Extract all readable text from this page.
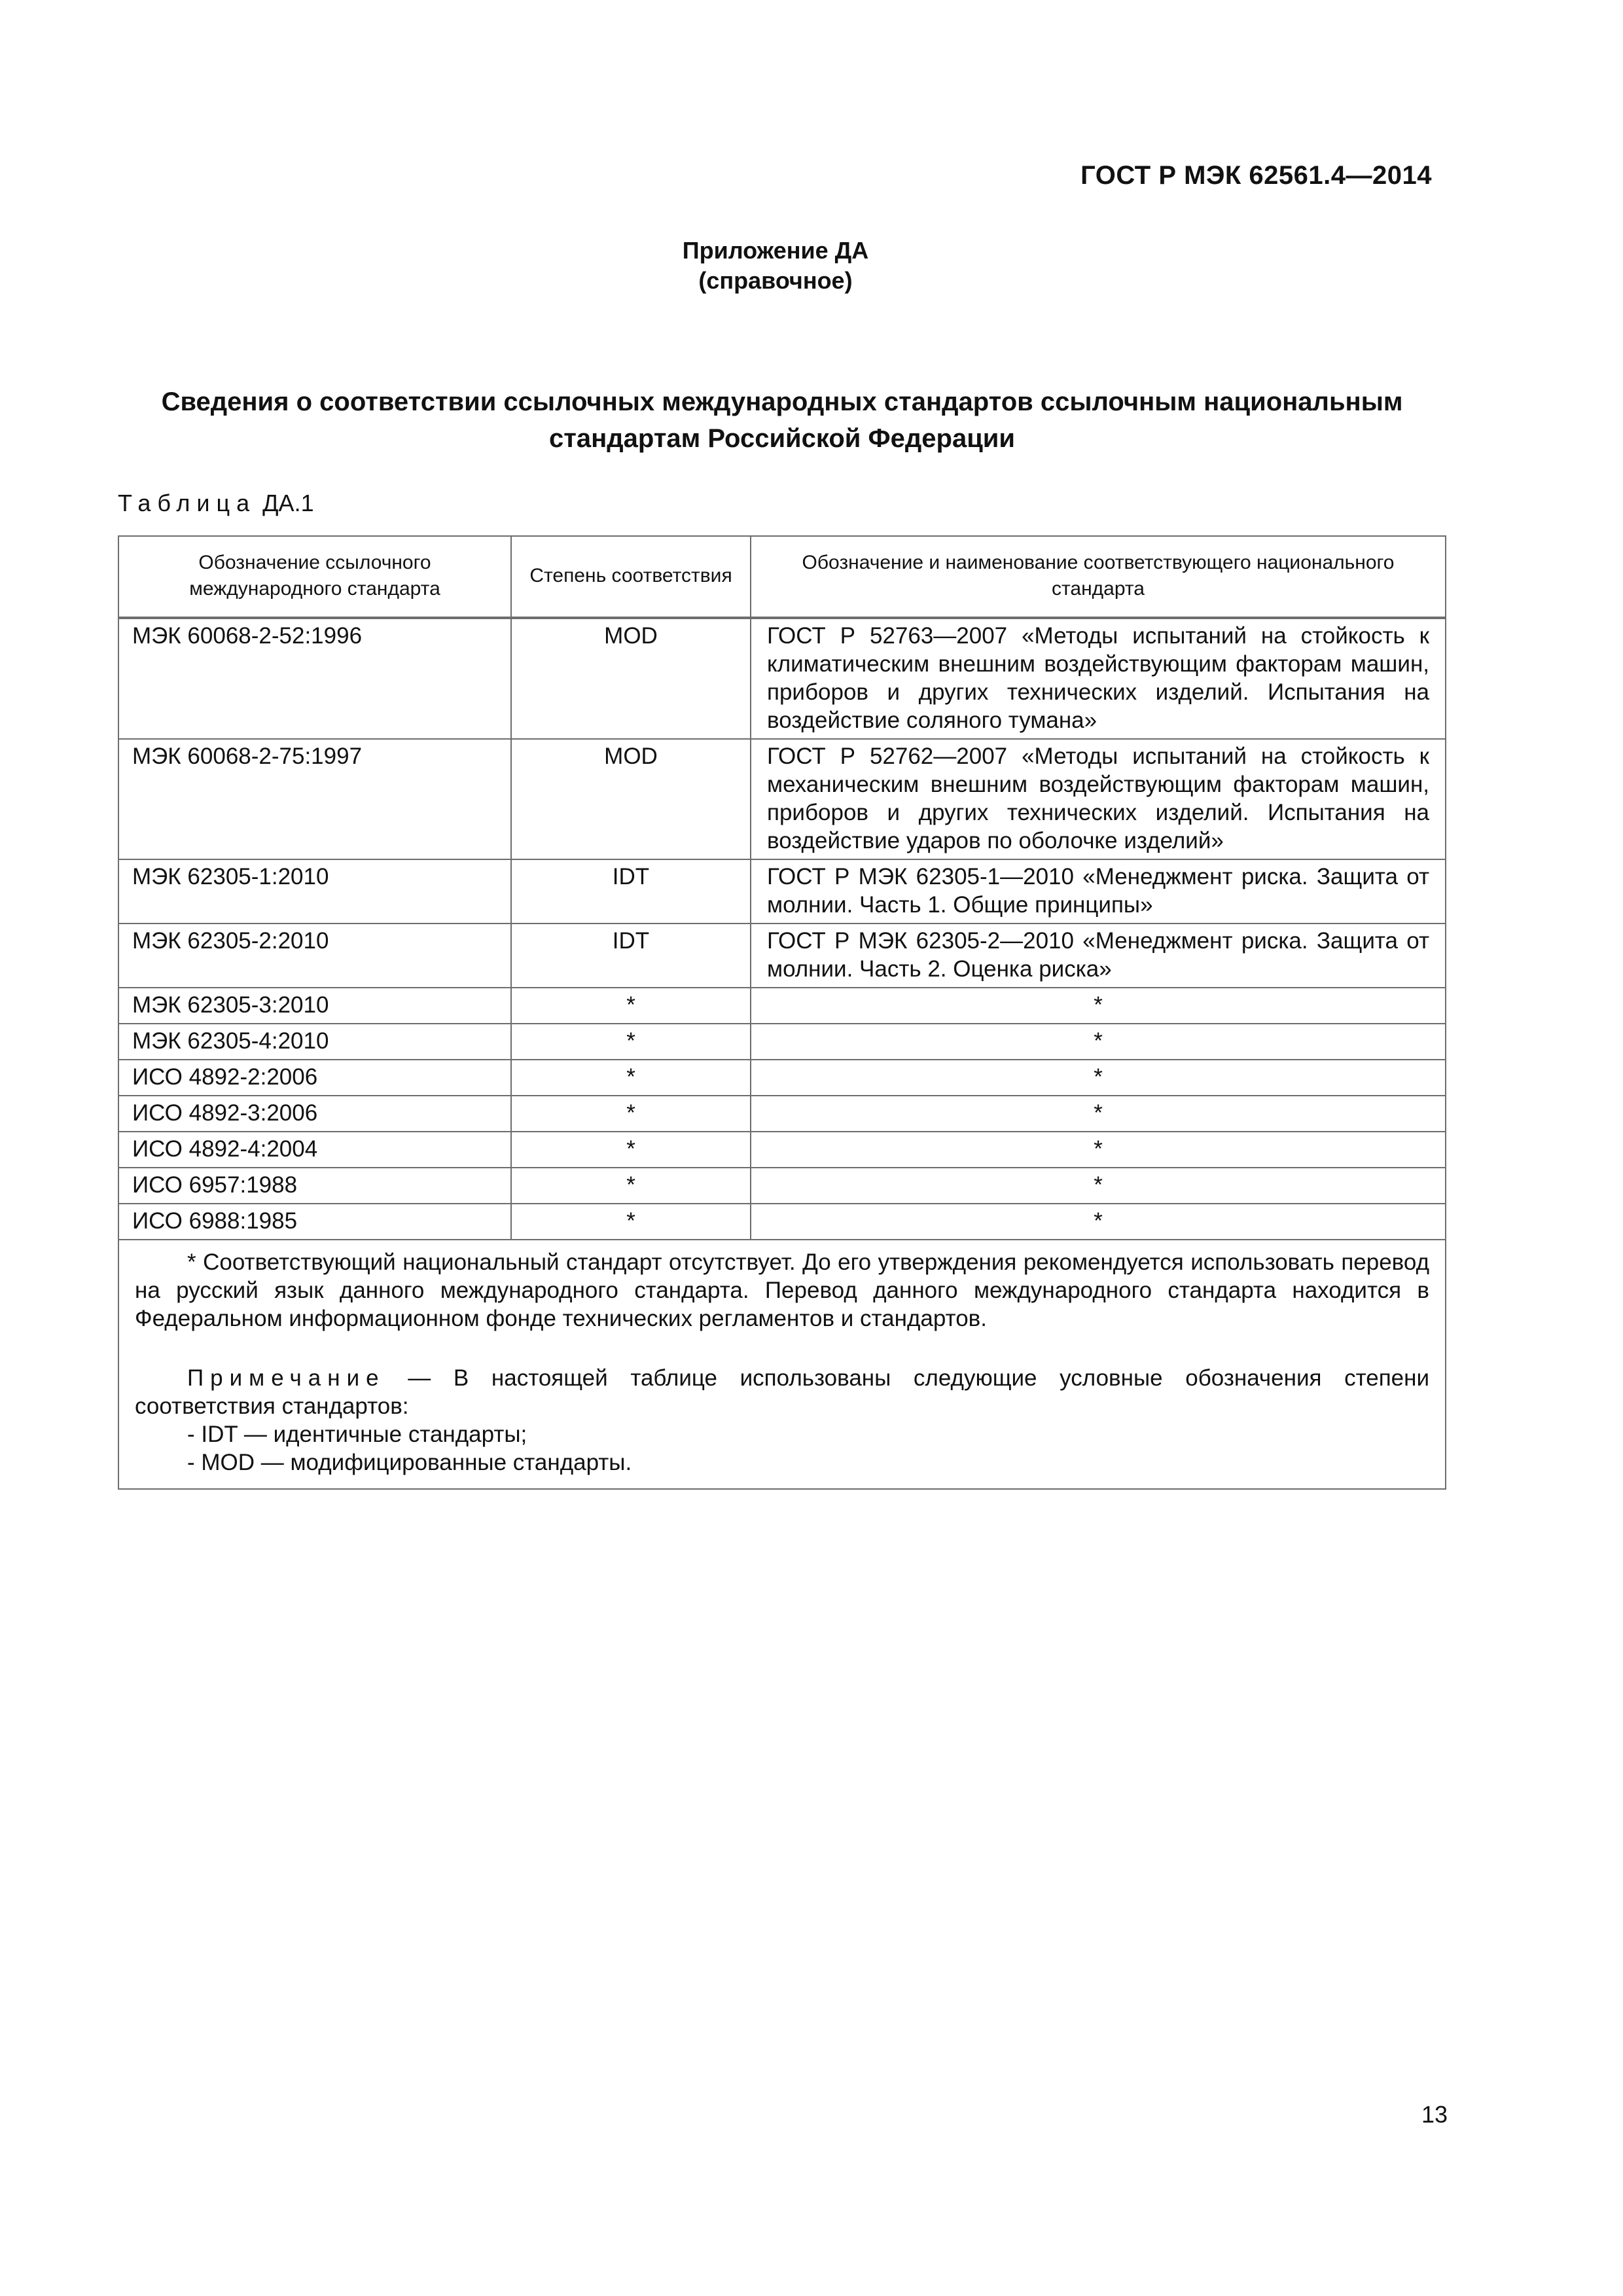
ГОСТ Р МЭК 62561.4—2014
Приложение ДА
(справочное)
Сведения о соответствии ссылочных международных стандартов ссылочным национальным
стандартам Российской Федерации
Таблица ДА.1
Обозначение ссылочного международного стандарта	Степень соответствия	Обозначение и наименование соответствующего национального стандарта
МЭК 60068-2-52:1996	MOD	ГОСТ Р 52763—2007 «Методы испытаний на стойкость к климатическим внешним воздействующим факторам машин, приборов и других технических изделий. Испытания на воздействие соляного тумана»
МЭК 60068-2-75:1997	MOD	ГОСТ Р 52762—2007 «Методы испытаний на стойкость к механическим внешним воздействующим факторам машин, приборов и других технических изделий. Испытания на воздействие ударов по оболочке изделий»
МЭК 62305-1:2010	IDT	ГОСТ Р МЭК 62305-1—2010 «Менеджмент риска. Защита от молнии. Часть 1. Общие принципы»
МЭК 62305-2:2010	IDT	ГОСТ Р МЭК 62305-2—2010 «Менеджмент риска. Защита от молнии. Часть 2. Оценка риска»
МЭК 62305-3:2010	*	*
МЭК 62305-4:2010	*	*
ИСО 4892-2:2006	*	*
ИСО 4892-3:2006	*	*
ИСО 4892-4:2004	*	*
ИСО 6957:1988	*	*
ИСО 6988:1985	*	*

* Соответствующий национальный стандарт отсутствует. До его утверждения рекомендуется использовать перевод на русский язык данного международного стандарта. Перевод данного международного стандарта находится в Федеральном информационном фонде технических регламентов и стандартов.

Примечание — В настоящей таблице использованы следующие условные обозначения степени соответствия стандартов:

- IDT — идентичные стандарты;

- MOD — модифицированные стандарты.		

13
